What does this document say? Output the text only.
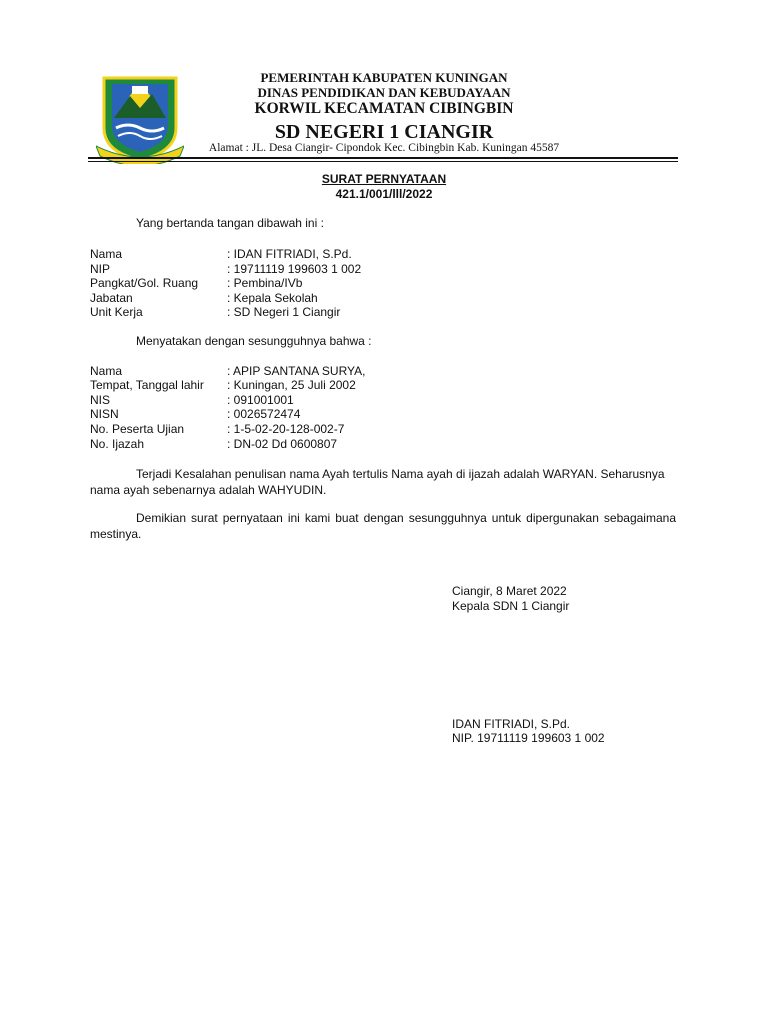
PEMERINTAH KABUPATEN KUNINGAN
DINAS PENDIDIKAN DAN KEBUDAYAAN
KORWIL KECAMATAN CIBINGBIN
SD NEGERI 1 CIANGIR
Alamat : JL. Desa Ciangir- Cipondok Kec. Cibingbin Kab. Kuningan 45587
SURAT PERNYATAAN
421.1/001/lll/2022
Yang bertanda tangan dibawah ini :
Nama	: IDAN FITRIADI, S.Pd.
NIP	: 19711119 199603 1 002
Pangkat/Gol. Ruang	: Pembina/IVb
Jabatan	: Kepala Sekolah
Unit Kerja	: SD Negeri 1 Ciangir
Menyatakan dengan sesungguhnya bahwa :
Nama	: APIP SANTANA SURYA,
Tempat, Tanggal lahir	: Kuningan, 25 Juli 2002
NIS	: 091001001
NISN	: 0026572474
No. Peserta Ujian	: 1-5-02-20-128-002-7
No. Ijazah	: DN-02 Dd 0600807
Terjadi Kesalahan penulisan nama Ayah tertulis Nama ayah di ijazah adalah WARYAN. Seharusnya nama ayah sebenarnya adalah WAHYUDIN.
Demikian surat pernyataan ini kami buat dengan sesungguhnya untuk dipergunakan sebagaimana mestinya.
Ciangir, 8 Maret 2022
Kepala SDN 1 Ciangir
IDAN FITRIADI, S.Pd.
NIP. 19711119 199603 1 002
